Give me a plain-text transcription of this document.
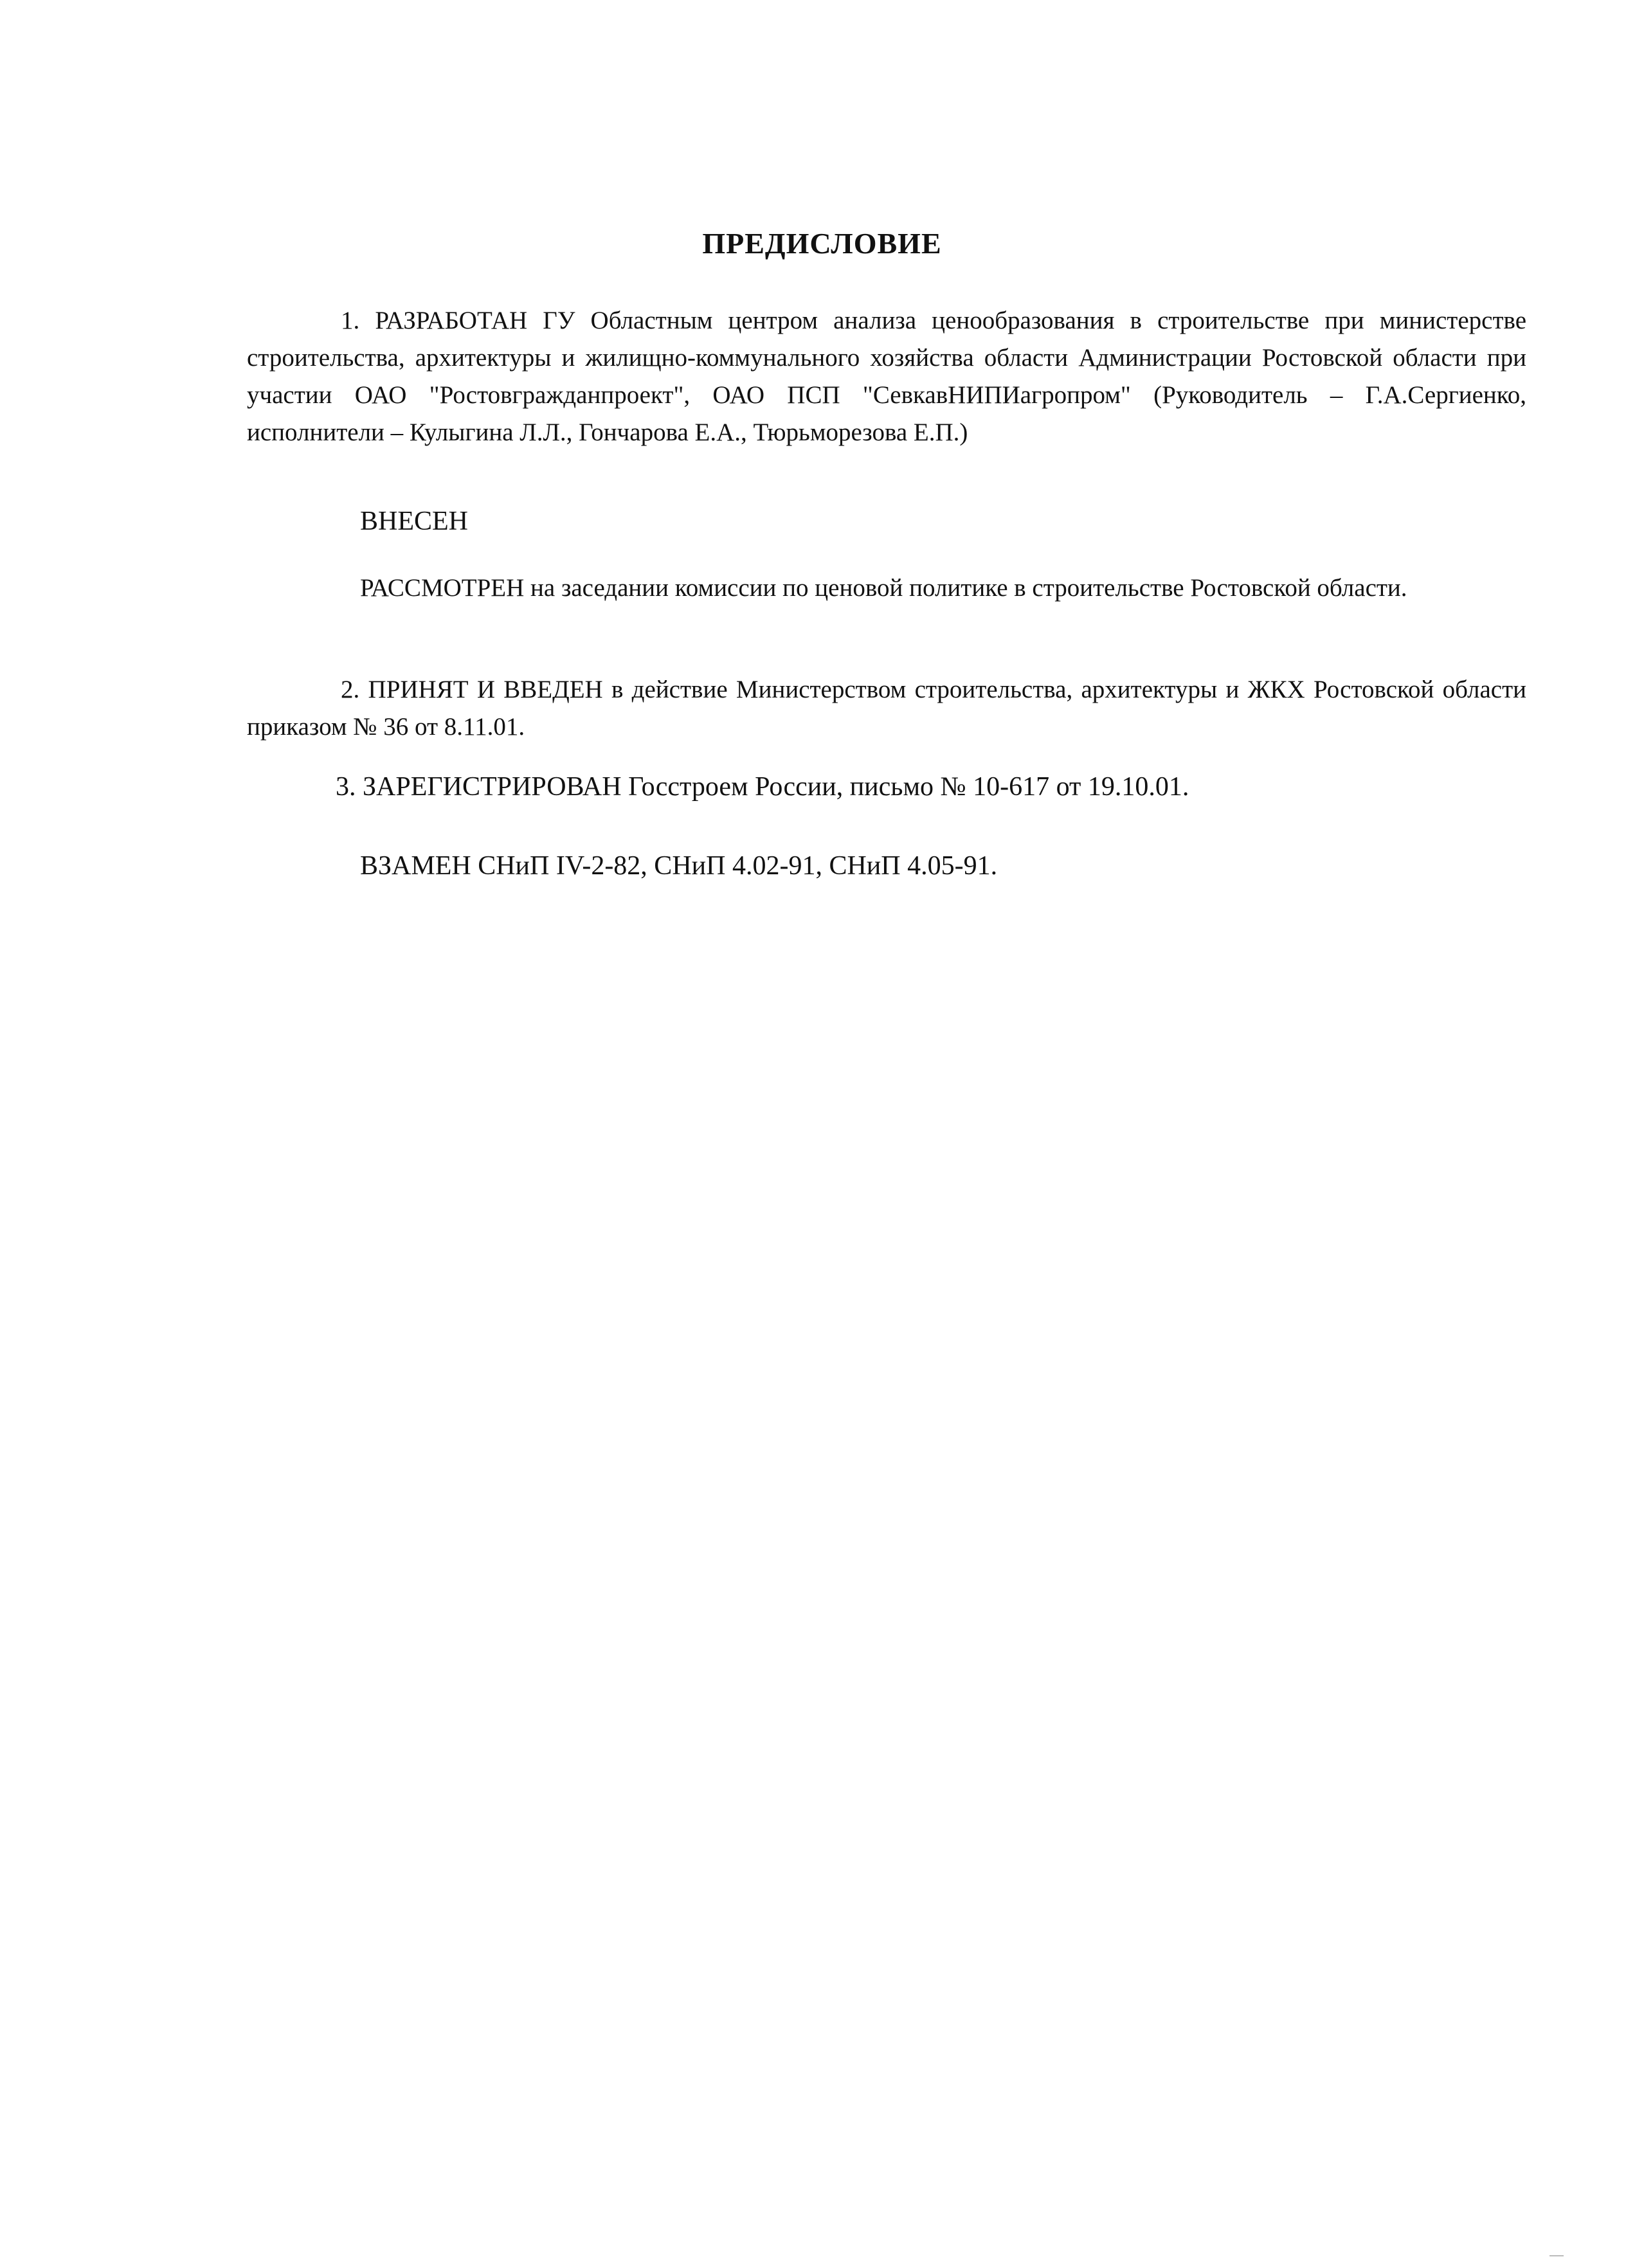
ПРЕДИСЛОВИЕ

1. РАЗРАБОТАН ГУ Областным центром анализа ценообразования в строительстве при министерстве строительства, архитектуры и жилищно-коммунального хозяйства области Администрации Ростовской области при участии ОАО "Ростовгражданпроект", ОАО ПСП "СевкавНИПИагропром" (Руководитель – Г.А.Сергиенко, исполнители – Кулыгина Л.Л., Гончарова Е.А., Тюрьморезова Е.П.)

ВНЕСЕН

РАССМОТРЕН на заседании комиссии по ценовой политике в строительстве Ростовской области.

2. ПРИНЯТ И ВВЕДЕН в действие Министерством строительства, архитектуры и ЖКХ Ростовской области приказом № 36 от 8.11.01.

3. ЗАРЕГИСТРИРОВАН Госстроем России, письмо № 10-617 от 19.10.01.

ВЗАМЕН СНиП IV-2-82, СНиП 4.02-91, СНиП 4.05-91.
